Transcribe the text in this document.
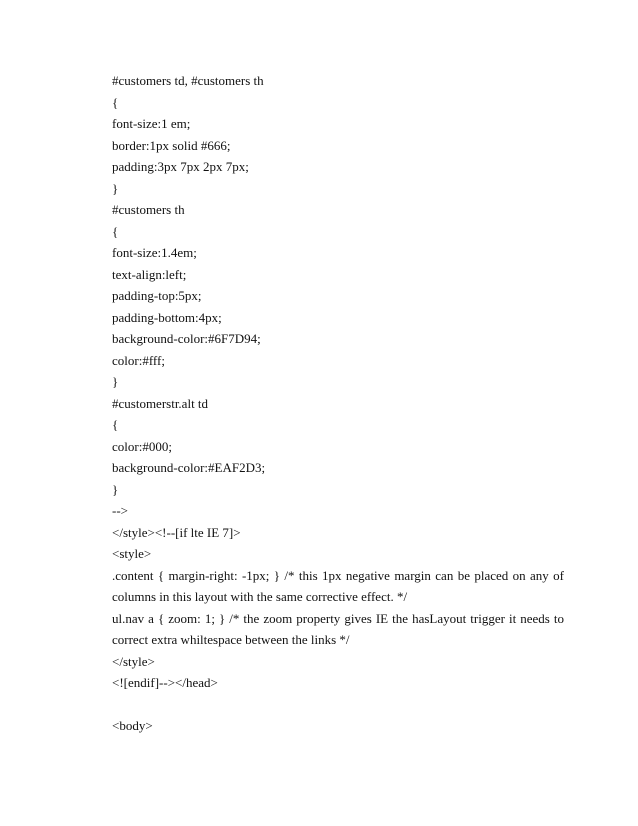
#customers td, #customers th
{
font-size:1 em;
border:1px solid #666;
padding:3px 7px 2px 7px;
}
#customers th
{
font-size:1.4em;
text-align:left;
padding-top:5px;
padding-bottom:4px;
background-color:#6F7D94;
color:#fff;
}
#customerstr.alt td
{
color:#000;
background-color:#EAF2D3;
}
-->
</style><!--[if lte IE 7]>
<style>
.content { margin-right: -1px; } /* this 1px negative margin can be placed on any of
columns in this layout with the same corrective effect. */
ul.nav a { zoom: 1; } /* the zoom property gives IE the hasLayout trigger it needs to
correct extra whiltespace between the links */
</style>
<![endif]--></head>
<body>
